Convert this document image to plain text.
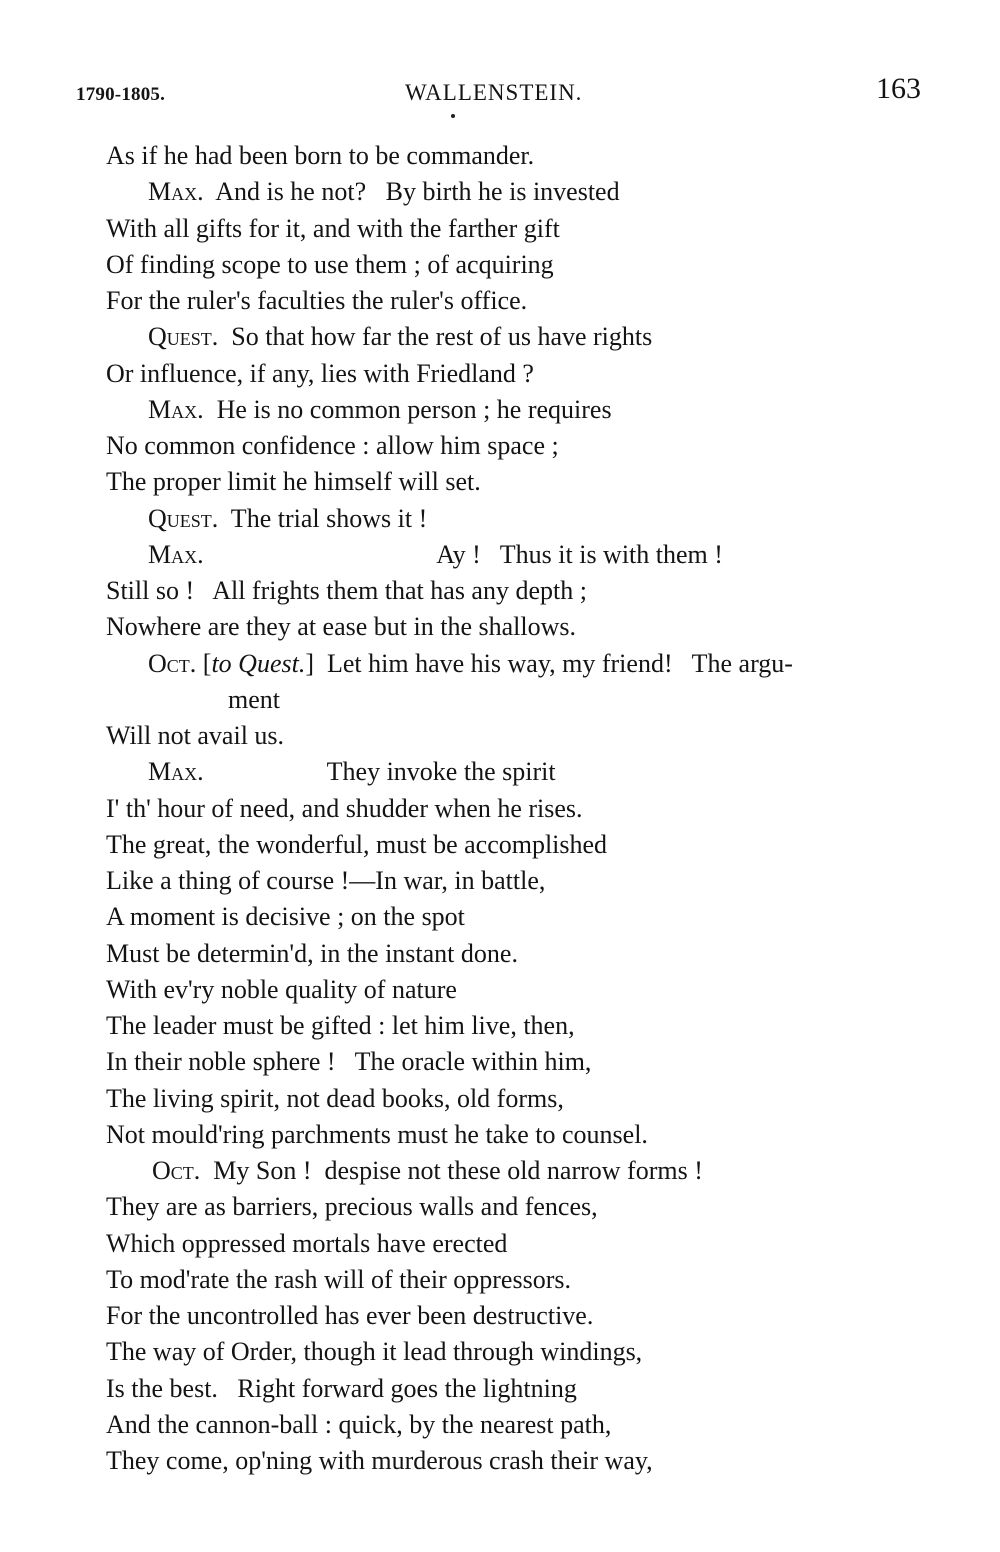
1790-1805.	WALLENSTEIN.	163
As if he had been born to be commander.
Max.  And is he not?   By birth he is invested
With all gifts for it, and with the farther gift
Of finding scope to use them ; of acquiring
For the ruler's faculties the ruler's office.
Quest.  So that how far the rest of us have rights
Or influence, if any, lies with Friedland ?
Max.  He is no common person ; he requires
No common confidence : allow him space ;
The proper limit he himself will set.
Quest.  The trial shows it !
Max.                                    Ay !   Thus it is with them !
Still so !   All frights them that has any depth ;
Nowhere are they at ease but in the shallows.
Oct. [to Quest.]  Let him have his way, my friend!   The argu-
ment
Will not avail us.
Max.                   They invoke the spirit
I' th' hour of need, and shudder when he rises.
The great, the wonderful, must be accomplished
Like a thing of course !—In war, in battle,
A moment is decisive ; on the spot
Must be determin'd, in the instant done.
With ev'ry noble quality of nature
The leader must be gifted : let him live, then,
In their noble sphere !   The oracle within him,
The living spirit, not dead books, old forms,
Not mould'ring parchments must he take to counsel.
Oct.  My Son !  despise not these old narrow forms !
They are as barriers, precious walls and fences,
Which oppressed mortals have erected
To mod'rate the rash will of their oppressors.
For the uncontrolled has ever been destructive.
The way of Order, though it lead through windings,
Is the best.   Right forward goes the lightning
And the cannon-ball : quick, by the nearest path,
They come, op'ning with murderous crash their way,
